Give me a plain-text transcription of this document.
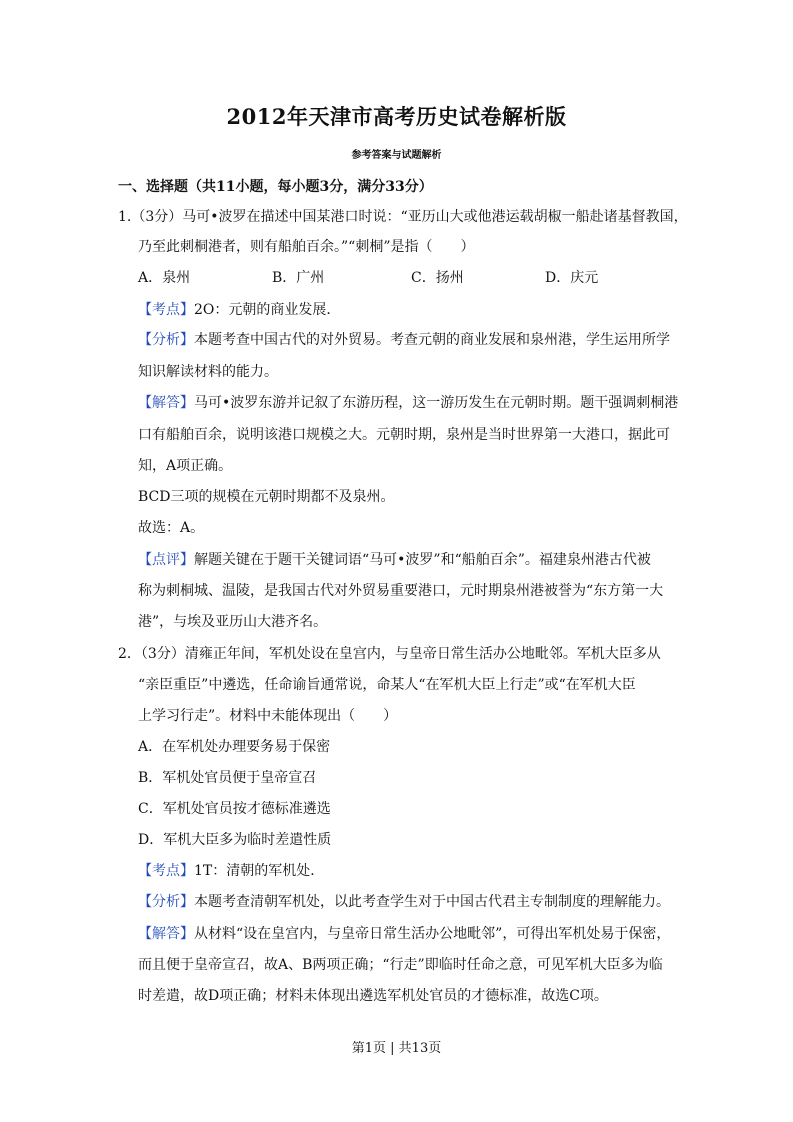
2012年天津市高考历史试卷解析版
参考答案与试题解析
一、选择题（共11小题，每小题3分，满分33分）
1.（3分）马可•波罗在描述中国某港口时说：“亚历山大或他港运载胡椒一船赴诸基督教国，
乃至此刺桐港者，则有船舶百余。”“刺桐”是指（　　）
A．泉州	B．广州	C．扬州	D．庆元
【考点】2O：元朝的商业发展．
【分析】本题考查中国古代的对外贸易。考查元朝的商业发展和泉州港，学生运用所学
知识解读材料的能力。
【解答】马可•波罗东游并记叙了东游历程，这一游历发生在元朝时期。题干强调刺桐港
口有船舶百余，说明该港口规模之大。元朝时期，泉州是当时世界第一大港口，据此可
知，A项正确。
BCD三项的规模在元朝时期都不及泉州。
故选：A。
【点评】解题关键在于题干关键词语“马可•波罗”和“船舶百余”。福建泉州港古代被
称为刺桐城、温陵，是我国古代对外贸易重要港口，元时期泉州港被誉为“东方第一大
港”，与埃及亚历山大港齐名。
2．（3分）清雍正年间，军机处设在皇宫内，与皇帝日常生活办公地毗邻。军机大臣多从
“亲臣重臣”中遴选，任命谕旨通常说，命某人“在军机大臣上行走”或“在军机大臣
上学习行走”。材料中未能体现出（　　）
A．在军机处办理要务易于保密
B．军机处官员便于皇帝宣召
C．军机处官员按才德标准遴选
D．军机大臣多为临时差遣性质
【考点】1T：清朝的军机处．
【分析】本题考查清朝军机处，以此考查学生对于中国古代君主专制制度的理解能力。
【解答】从材料“设在皇宫内，与皇帝日常生活办公地毗邻”，可得出军机处易于保密，
而且便于皇帝宣召，故A、B两项正确；“行走”即临时任命之意，可见军机大臣多为临
时差遣，故D项正确；材料未体现出遴选军机处官员的才德标准，故选C项。
第1页 | 共13页
